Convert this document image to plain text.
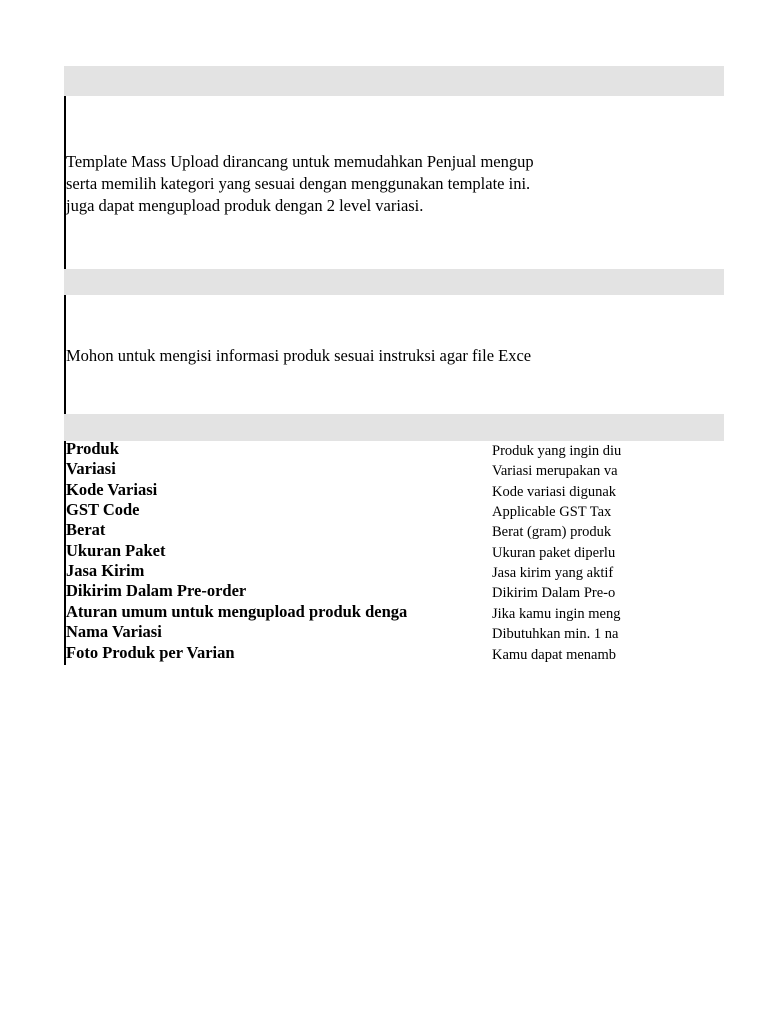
Template Mass Upload dirancang untuk memudahkan Penjual mengup
serta memilih kategori yang sesuai dengan menggunakan template ini.
juga dapat mengupload produk dengan 2 level variasi.
Mohon untuk mengisi informasi produk sesuai instruksi agar file Exce
Produk	Produk yang ingin diu
Variasi	Variasi merupakan va
Kode Variasi	Kode variasi digunak
GST Code	Applicable GST Tax
Berat	Berat (gram) produk
Ukuran Paket	Ukuran paket diperlu
Jasa Kirim	Jasa kirim yang aktif
Dikirim Dalam Pre-order	Dikirim Dalam Pre-o
Aturan umum untuk mengupload produk denga	Jika kamu ingin meng
Nama Variasi	Dibutuhkan min. 1 na
Foto Produk per Varian	Kamu dapat menamb
